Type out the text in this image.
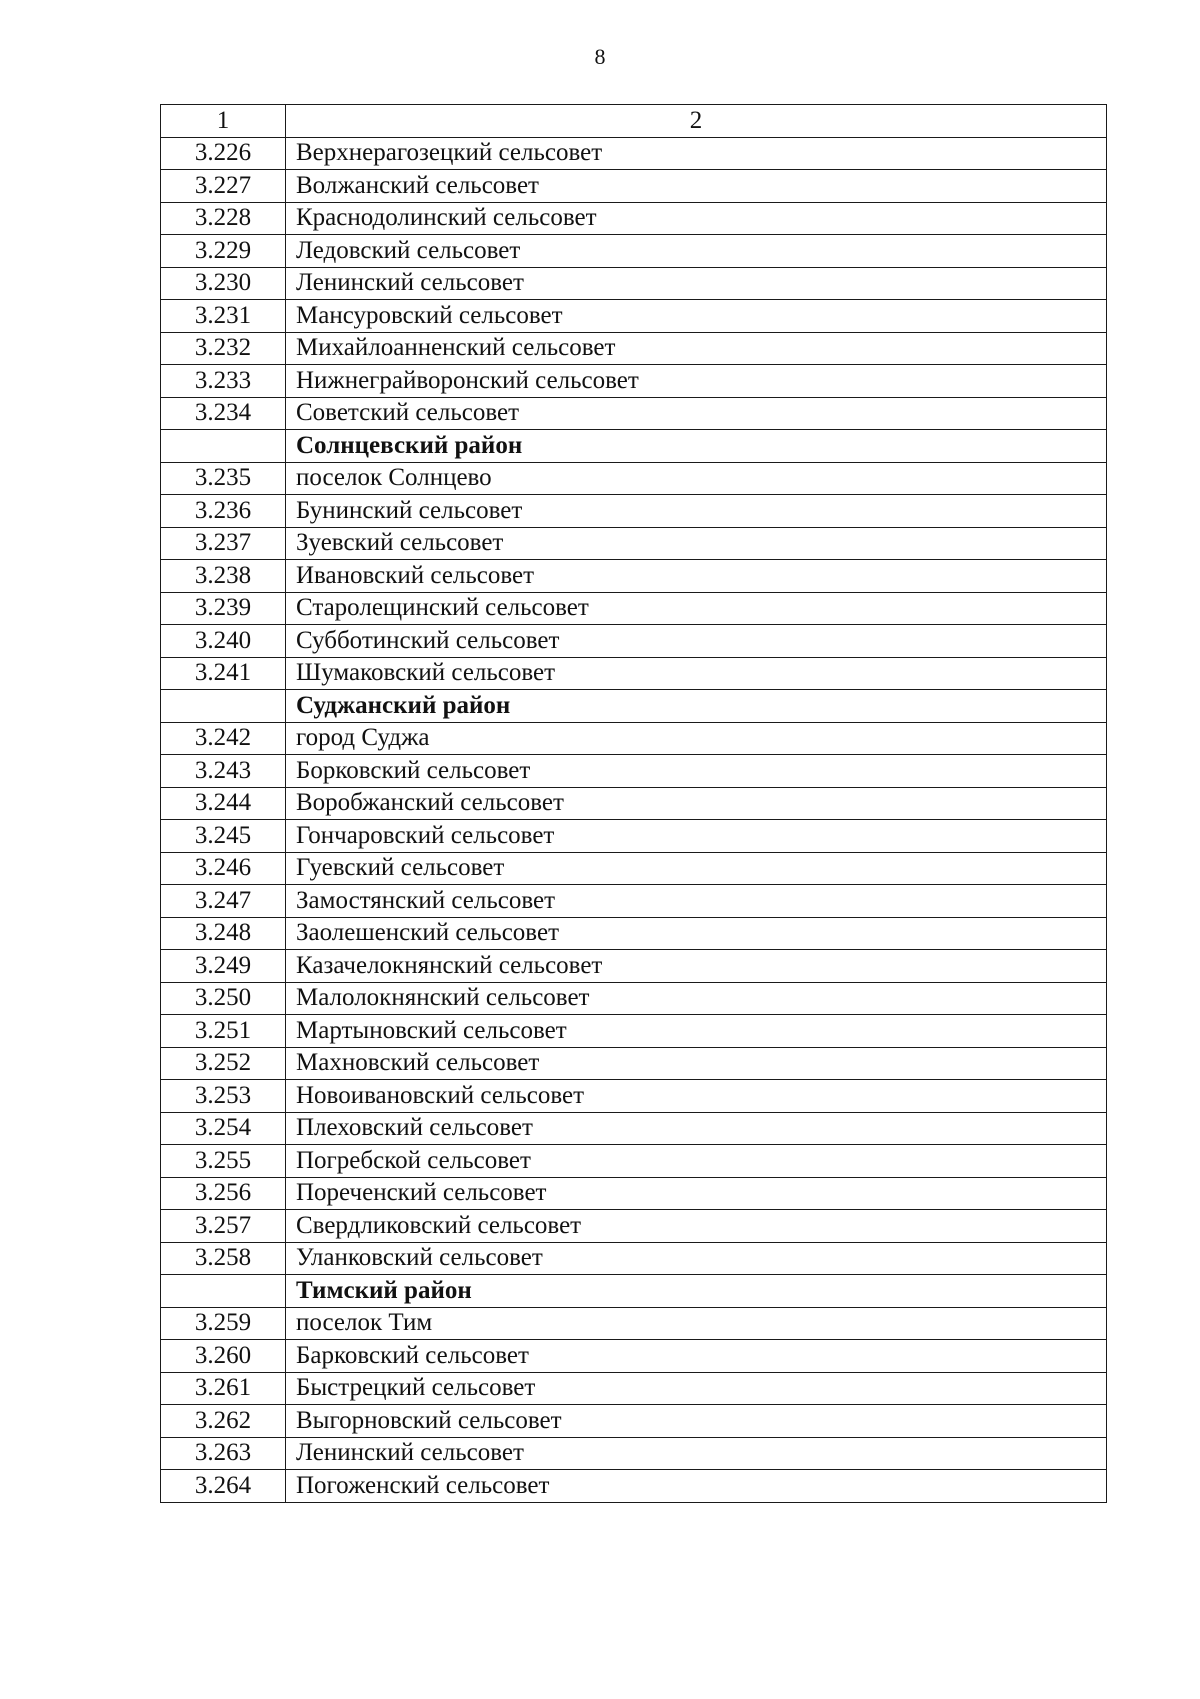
8
1	2
3.226	Верхнерагозецкий сельсовет
3.227	Волжанский сельсовет
3.228	Краснодолинский сельсовет
3.229	Ледовский сельсовет
3.230	Ленинский сельсовет
3.231	Мансуровский сельсовет
3.232	Михайлоанненский сельсовет
3.233	Нижнеграйворонский сельсовет
3.234	Советский сельсовет
	Солнцевский район
3.235	поселок Солнцево
3.236	Бунинский сельсовет
3.237	Зуевский сельсовет
3.238	Ивановский сельсовет
3.239	Старолещинский сельсовет
3.240	Субботинский сельсовет
3.241	Шумаковский сельсовет
	Суджанский район
3.242	город Суджа
3.243	Борковский сельсовет
3.244	Воробжанский сельсовет
3.245	Гончаровский сельсовет
3.246	Гуевский сельсовет
3.247	Замостянский сельсовет
3.248	Заолешенский сельсовет
3.249	Казачелокнянский сельсовет
3.250	Малолокнянский сельсовет
3.251	Мартыновский сельсовет
3.252	Махновский сельсовет
3.253	Новоивановский сельсовет
3.254	Плеховский сельсовет
3.255	Погребской сельсовет
3.256	Пореченский сельсовет
3.257	Свердликовский сельсовет
3.258	Уланковский сельсовет
	Тимский район
3.259	поселок Тим
3.260	Барковский сельсовет
3.261	Быстрецкий сельсовет
3.262	Выгорновский сельсовет
3.263	Ленинский сельсовет
3.264	Погоженский сельсовет
